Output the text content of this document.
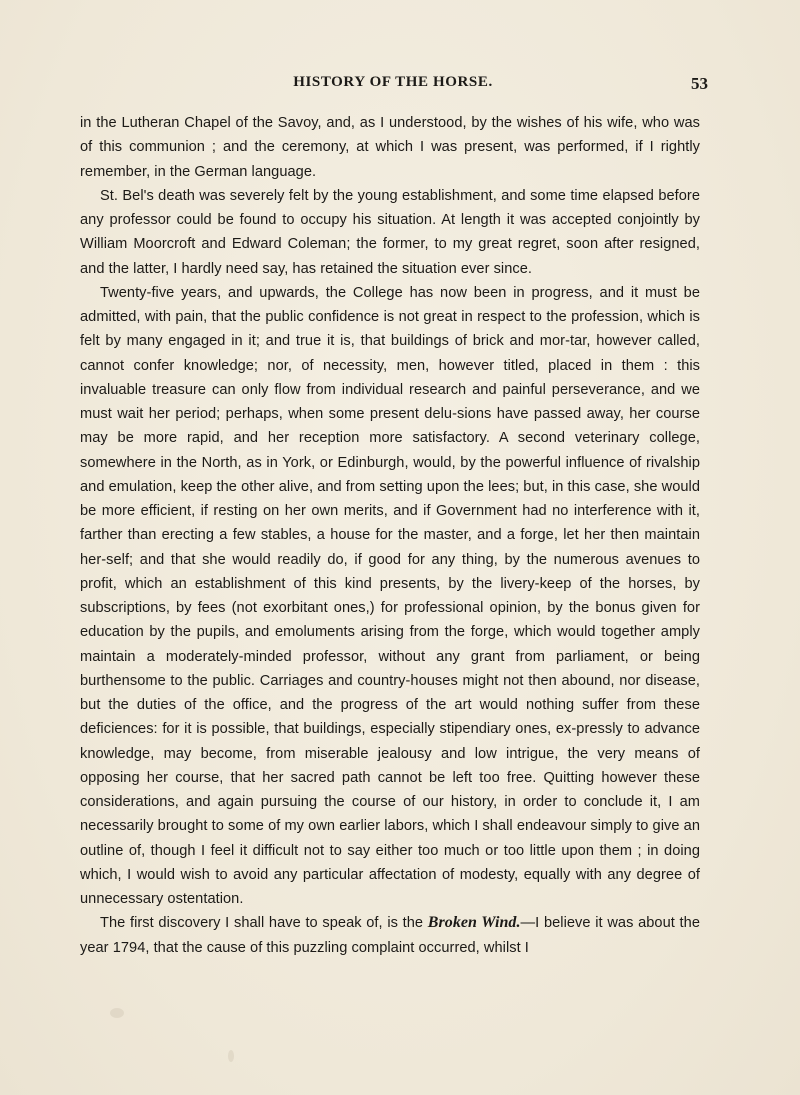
HISTORY OF THE HORSE.	53

in the Lutheran Chapel of the Savoy, and, as I understood, by the wishes of his wife, who was of this communion ; and the ceremony, at which I was present, was performed, if I rightly remember, in the German language.

St. Bel's death was severely felt by the young establishment, and some time elapsed before any professor could be found to occupy his situation. At length it was accepted conjointly by William Moorcroft and Edward Coleman; the former, to my great regret, soon after resigned, and the latter, I hardly need say, has retained the situation ever since.

Twenty-five years, and upwards, the College has now been in progress, and it must be admitted, with pain, that the public confidence is not great in respect to the profession, which is felt by many engaged in it; and true it is, that buildings of brick and mor-tar, however called, cannot confer knowledge; nor, of necessity, men, however titled, placed in them : this invaluable treasure can only flow from individual research and painful perseverance, and we must wait her period; perhaps, when some present delu-sions have passed away, her course may be more rapid, and her reception more satisfactory. A second veterinary college, somewhere in the North, as in York, or Edinburgh, would, by the powerful influence of rivalship and emulation, keep the other alive, and from setting upon the lees; but, in this case, she would be more efficient, if resting on her own merits, and if Government had no interference with it, farther than erecting a few stables, a house for the master, and a forge, let her then maintain her-self; and that she would readily do, if good for any thing, by the numerous avenues to profit, which an establishment of this kind presents, by the livery-keep of the horses, by subscriptions, by fees (not exorbitant ones,) for professional opinion, by the bonus given for education by the pupils, and emoluments arising from the forge, which would together amply maintain a moderately-minded professor, without any grant from parliament, or being burthensome to the public. Carriages and country-houses might not then abound, nor disease, but the duties of the office, and the progress of the art would nothing suffer from these deficiences: for it is possible, that buildings, especially stipendiary ones, ex-pressly to advance knowledge, may become, from miserable jealousy and low intrigue, the very means of opposing her course, that her sacred path cannot be left too free. Quitting however these considerations, and again pursuing the course of our history, in order to conclude it, I am necessarily brought to some of my own earlier labors, which I shall endeavour simply to give an outline of, though I feel it difficult not to say either too much or too little upon them ; in doing which, I would wish to avoid any particular affectation of modesty, equally with any degree of unnecessary ostentation.

The first discovery I shall have to speak of, is the Broken Wind.—I believe it was about the year 1794, that the cause of this puzzling complaint occurred, whilst I
